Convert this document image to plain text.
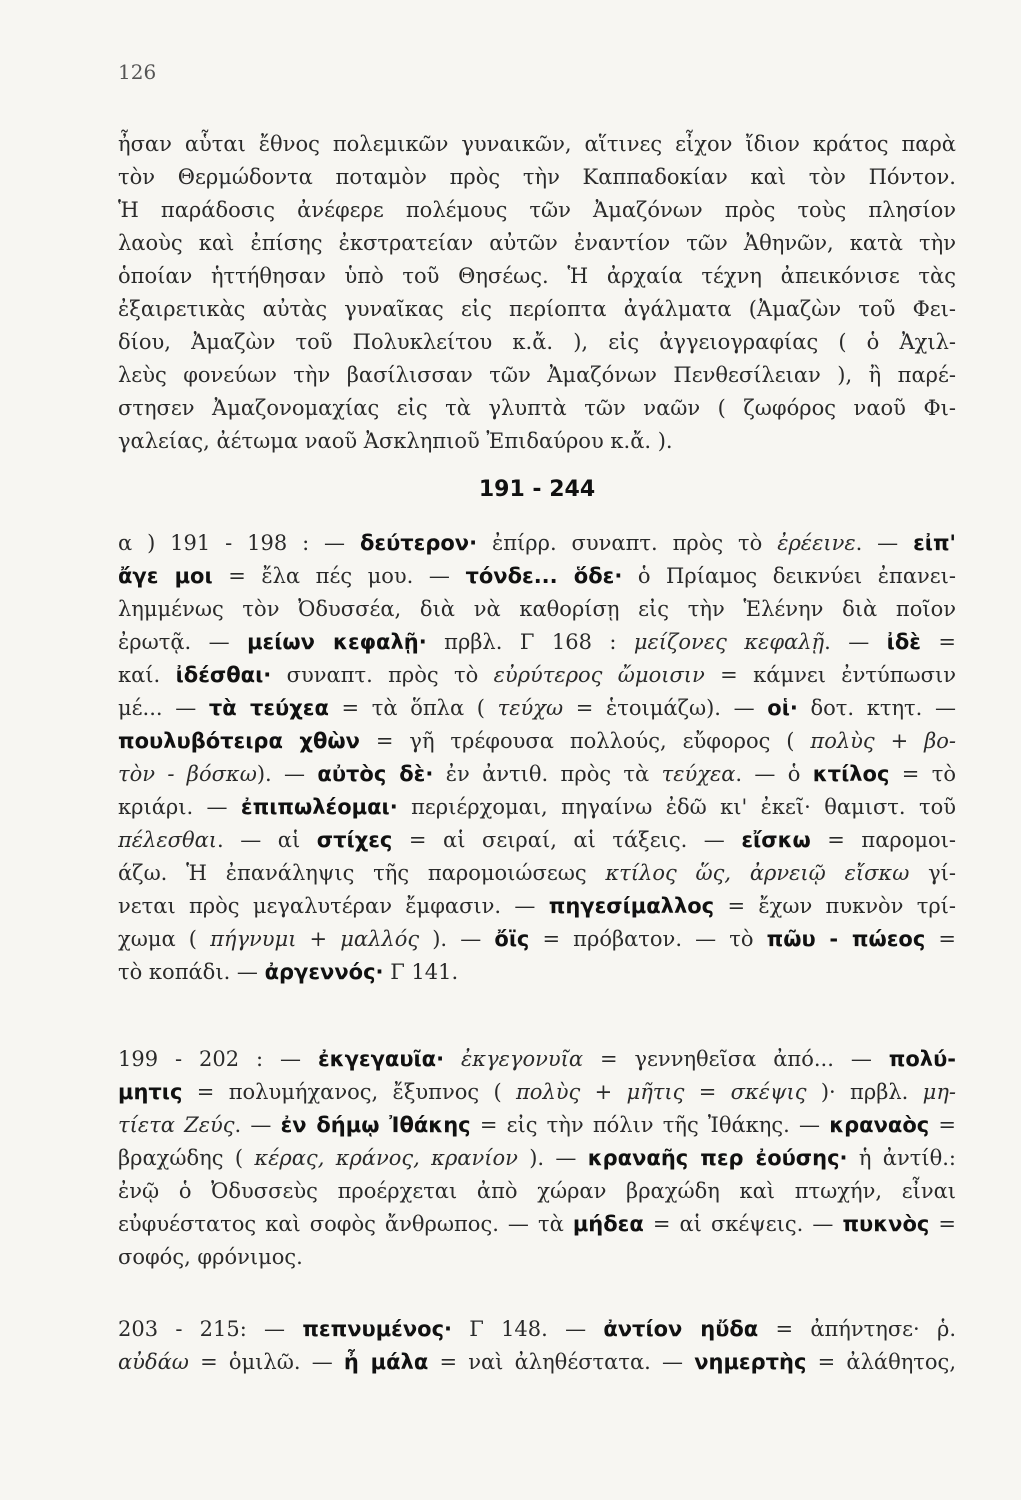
126
ἦσαν αὗται ἔθνος πολεμικῶν γυναικῶν, αἵτινες εἶχον ἴδιον κράτος παρὰ
τὸν Θερμώδοντα ποταμὸν πρὸς τὴν Καππαδοκίαν καὶ τὸν Πόντον.
Ἡ παράδοσις ἀνέφερε πολέμους τῶν Ἀμαζόνων πρὸς τοὺς πλησίον
λαοὺς καὶ ἐπίσης ἐκστρατείαν αὐτῶν ἐναντίον τῶν Ἀθηνῶν, κατὰ τὴν
ὁποίαν ἡττήθησαν ὑπὸ τοῦ Θησέως. Ἡ ἀρχαία τέχνη ἀπεικόνισε τὰς
ἐξαιρετικὰς αὐτὰς γυναῖκας εἰς περίοπτα ἀγάλματα (Ἀμαζὼν τοῦ Φει-
δίου, Ἀμαζὼν τοῦ Πολυκλείτου κ.ἄ. ), εἰς ἀγγειογραφίας ( ὁ Ἀχιλ-
λεὺς φονεύων τὴν βασίλισσαν τῶν Ἀμαζόνων Πενθεσίλειαν ), ἢ παρέ-
στησεν Ἀμαζονομαχίας εἰς τὰ γλυπτὰ τῶν ναῶν ( ζωφόρος ναοῦ Φι-
γαλείας, ἀέτωμα ναοῦ Ἀσκληπιοῦ Ἐπιδαύρου κ.ἄ. ).
191 - 244
α ) 191 - 198 : — δεύτερον· ἐπίρρ. συναπτ. πρὸς τὸ ἐρέεινε. — εἰπ'
ἄγε μοι = ἔλα πές μου. — τόνδε... ὅδε· ὁ Πρίαμος δεικνύει ἐπανει-
λημμένως τὸν Ὀδυσσέα, διὰ νὰ καθορίσῃ εἰς τὴν Ἑλένην διὰ ποῖον
ἐρωτᾷ. — μείων κεφαλῇ· πρβλ. Γ 168 : μείζονες κεφαλῇ. — ἰδὲ =
καί. ἰδέσθαι· συναπτ. πρὸς τὸ εὐρύτερος ὤμοισιν = κάμνει ἐντύπωσιν
μέ... — τὰ τεύχεα = τὰ ὅπλα ( τεύχω = ἑτοιμάζω). — οἱ· δοτ. κτητ. —
πουλυβότειρα χθὼν = γῆ τρέφουσα πολλούς, εὔφορος ( πολὺς + βο-
τὸν - βόσκω). — αὐτὸς δὲ· ἐν ἀντιθ. πρὸς τὰ τεύχεα. — ὁ κτίλος = τὸ
κριάρι. — ἐπιπωλέομαι· περιέρχομαι, πηγαίνω ἐδῶ κι' ἐκεῖ· θαμιστ. τοῦ
πέλεσθαι. — αἱ στίχες = αἱ σειραί, αἱ τάξεις. — εἴσκω = παρομοι-
άζω. Ἡ ἐπανάληψις τῆς παρομοιώσεως κτίλος ὥς, ἀρνειῷ εἴσκω γί-
νεται πρὸς μεγαλυτέραν ἔμφασιν. — πηγεσίμαλλος = ἔχων πυκνὸν τρί-
χωμα ( πήγνυμι + μαλλός ). — ὄϊς = πρόβατον. — τὸ πῶυ - πώεος =
τὸ κοπάδι. — ἀργεννός· Γ 141.
199 - 202 : — ἐκγεγαυῖα· ἐκγεγονυῖα = γεννηθεῖσα ἀπό... — πολύ-
μητις = πολυμήχανος, ἔξυπνος ( πολὺς + μῆτις = σκέψις )· πρβλ. μη-
τίετα Ζεύς. — ἐν δήμῳ Ἰθάκης = εἰς τὴν πόλιν τῆς Ἰθάκης. — κραναὸς =
βραχώδης ( κέρας, κράνος, κρανίον ). — κραναῆς περ ἐούσης· ἡ ἀντίθ.:
ἐνῷ ὁ Ὀδυσσεὺς προέρχεται ἀπὸ χώραν βραχώδη καὶ πτωχήν, εἶναι
εὐφυέστατος καὶ σοφὸς ἄνθρωπος. — τὰ μήδεα = αἱ σκέψεις. — πυκνὸς =
σοφός, φρόνιμος.
203 - 215: — πεπνυμένος· Γ 148. — ἀντίον ηὔδα = ἀπήντησε· ῥ.
αὐδάω = ὁμιλῶ. — ἦ μάλα = ναὶ ἀληθέστατα. — νημερτὴς = ἀλάθητος,
